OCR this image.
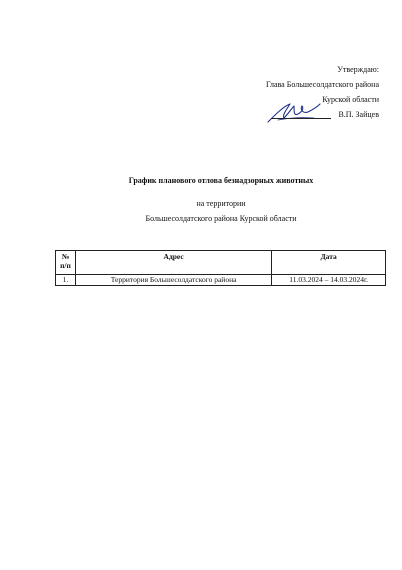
Утверждаю:
Глава Большесолдатского района
Курской области
В.П. Зайцев
График планового отлова безнадзорных животных
на территории
Большесолдатского района Курской области
№ п/п	Адрес	Дата
1.	Территория Большесолдатского района	11.03.2024 – 14.03.2024г.
